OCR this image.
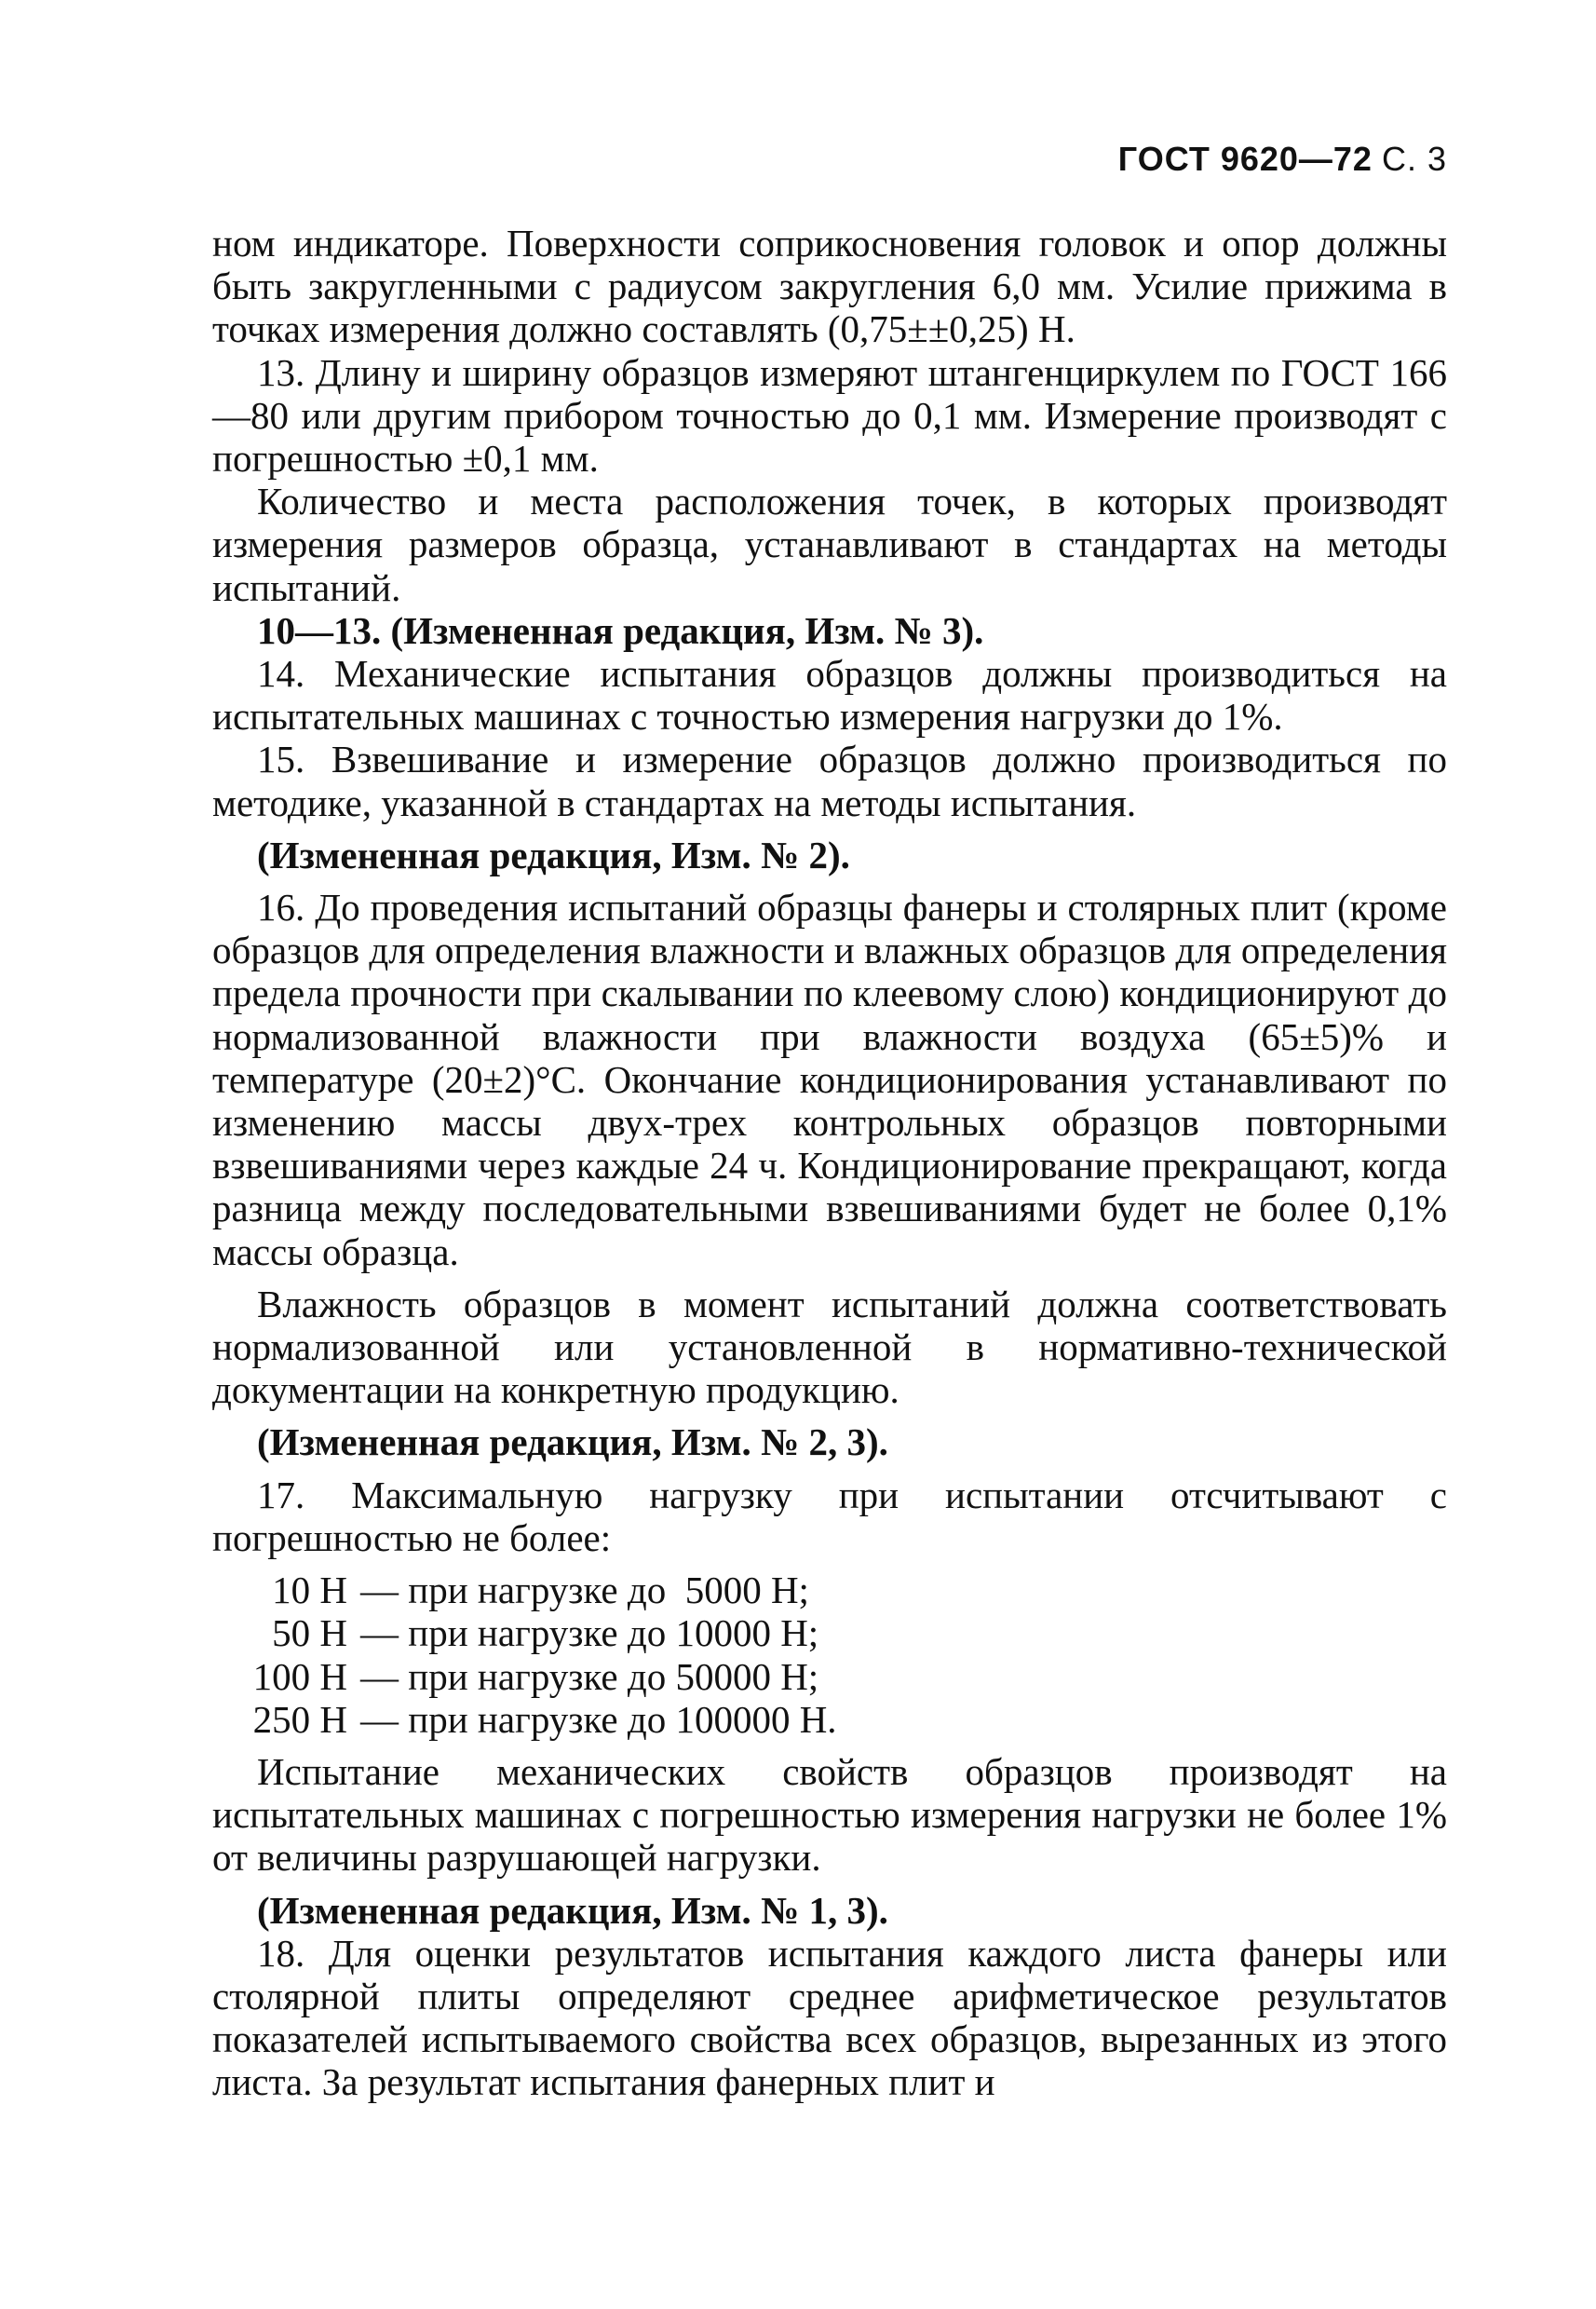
ГОСТ 9620—72 С. 3

ном индикаторе. Поверхности соприкосновения головок и опор должны быть закругленными с радиусом закругления 6,0 мм. Усилие прижима в точках измерения должно составлять (0,75±±0,25) Н.

13. Длину и ширину образцов измеряют штангенциркулем по ГОСТ 166—80 или другим прибором точностью до 0,1 мм. Измерение производят с погрешностью ±0,1 мм.

Количество и места расположения точек, в которых производят измерения размеров образца, устанавливают в стандартах на методы испытаний.

10—13. (Измененная редакция, Изм. № 3).

14. Механические испытания образцов должны производиться на испытательных машинах с точностью измерения нагрузки до 1%.

15. Взвешивание и измерение образцов должно производиться по методике, указанной в стандартах на методы испытания.

(Измененная редакция, Изм. № 2).

16. До проведения испытаний образцы фанеры и столярных плит (кроме образцов для определения влажности и влажных образцов для определения предела прочности при скалывании по клеевому слою) кондиционируют до нормализованной влажности при влажности воздуха (65±5)% и температуре (20±2)°С. Окончание кондиционирования устанавливают по изменению массы двух-трех контрольных образцов повторными взвешиваниями через каждые 24 ч. Кондиционирование прекращают, когда разница между последовательными взвешиваниями будет не более 0,1% массы образца.

Влажность образцов в момент испытаний должна соответствовать нормализованной или установленной в нормативно-технической документации на конкретную продукцию.

(Измененная редакция, Изм. № 2, 3).

17. Максимальную нагрузку при испытании отсчитывают с погрешностью не более:

10 Н — при нагрузке до  5000 Н;
50 Н — при нагрузке до 10000 Н;
100 Н — при нагрузке до 50000 Н;
250 Н — при нагрузке до 100000 Н.

Испытание механических свойств образцов производят на испытательных машинах с погрешностью измерения нагрузки не более 1% от величины разрушающей нагрузки.

(Измененная редакция, Изм. № 1, 3).

18. Для оценки результатов испытания каждого листа фанеры или столярной плиты определяют среднее арифметическое результатов показателей испытываемого свойства всех образцов, вырезанных из этого листа. За результат испытания фанерных плит и
